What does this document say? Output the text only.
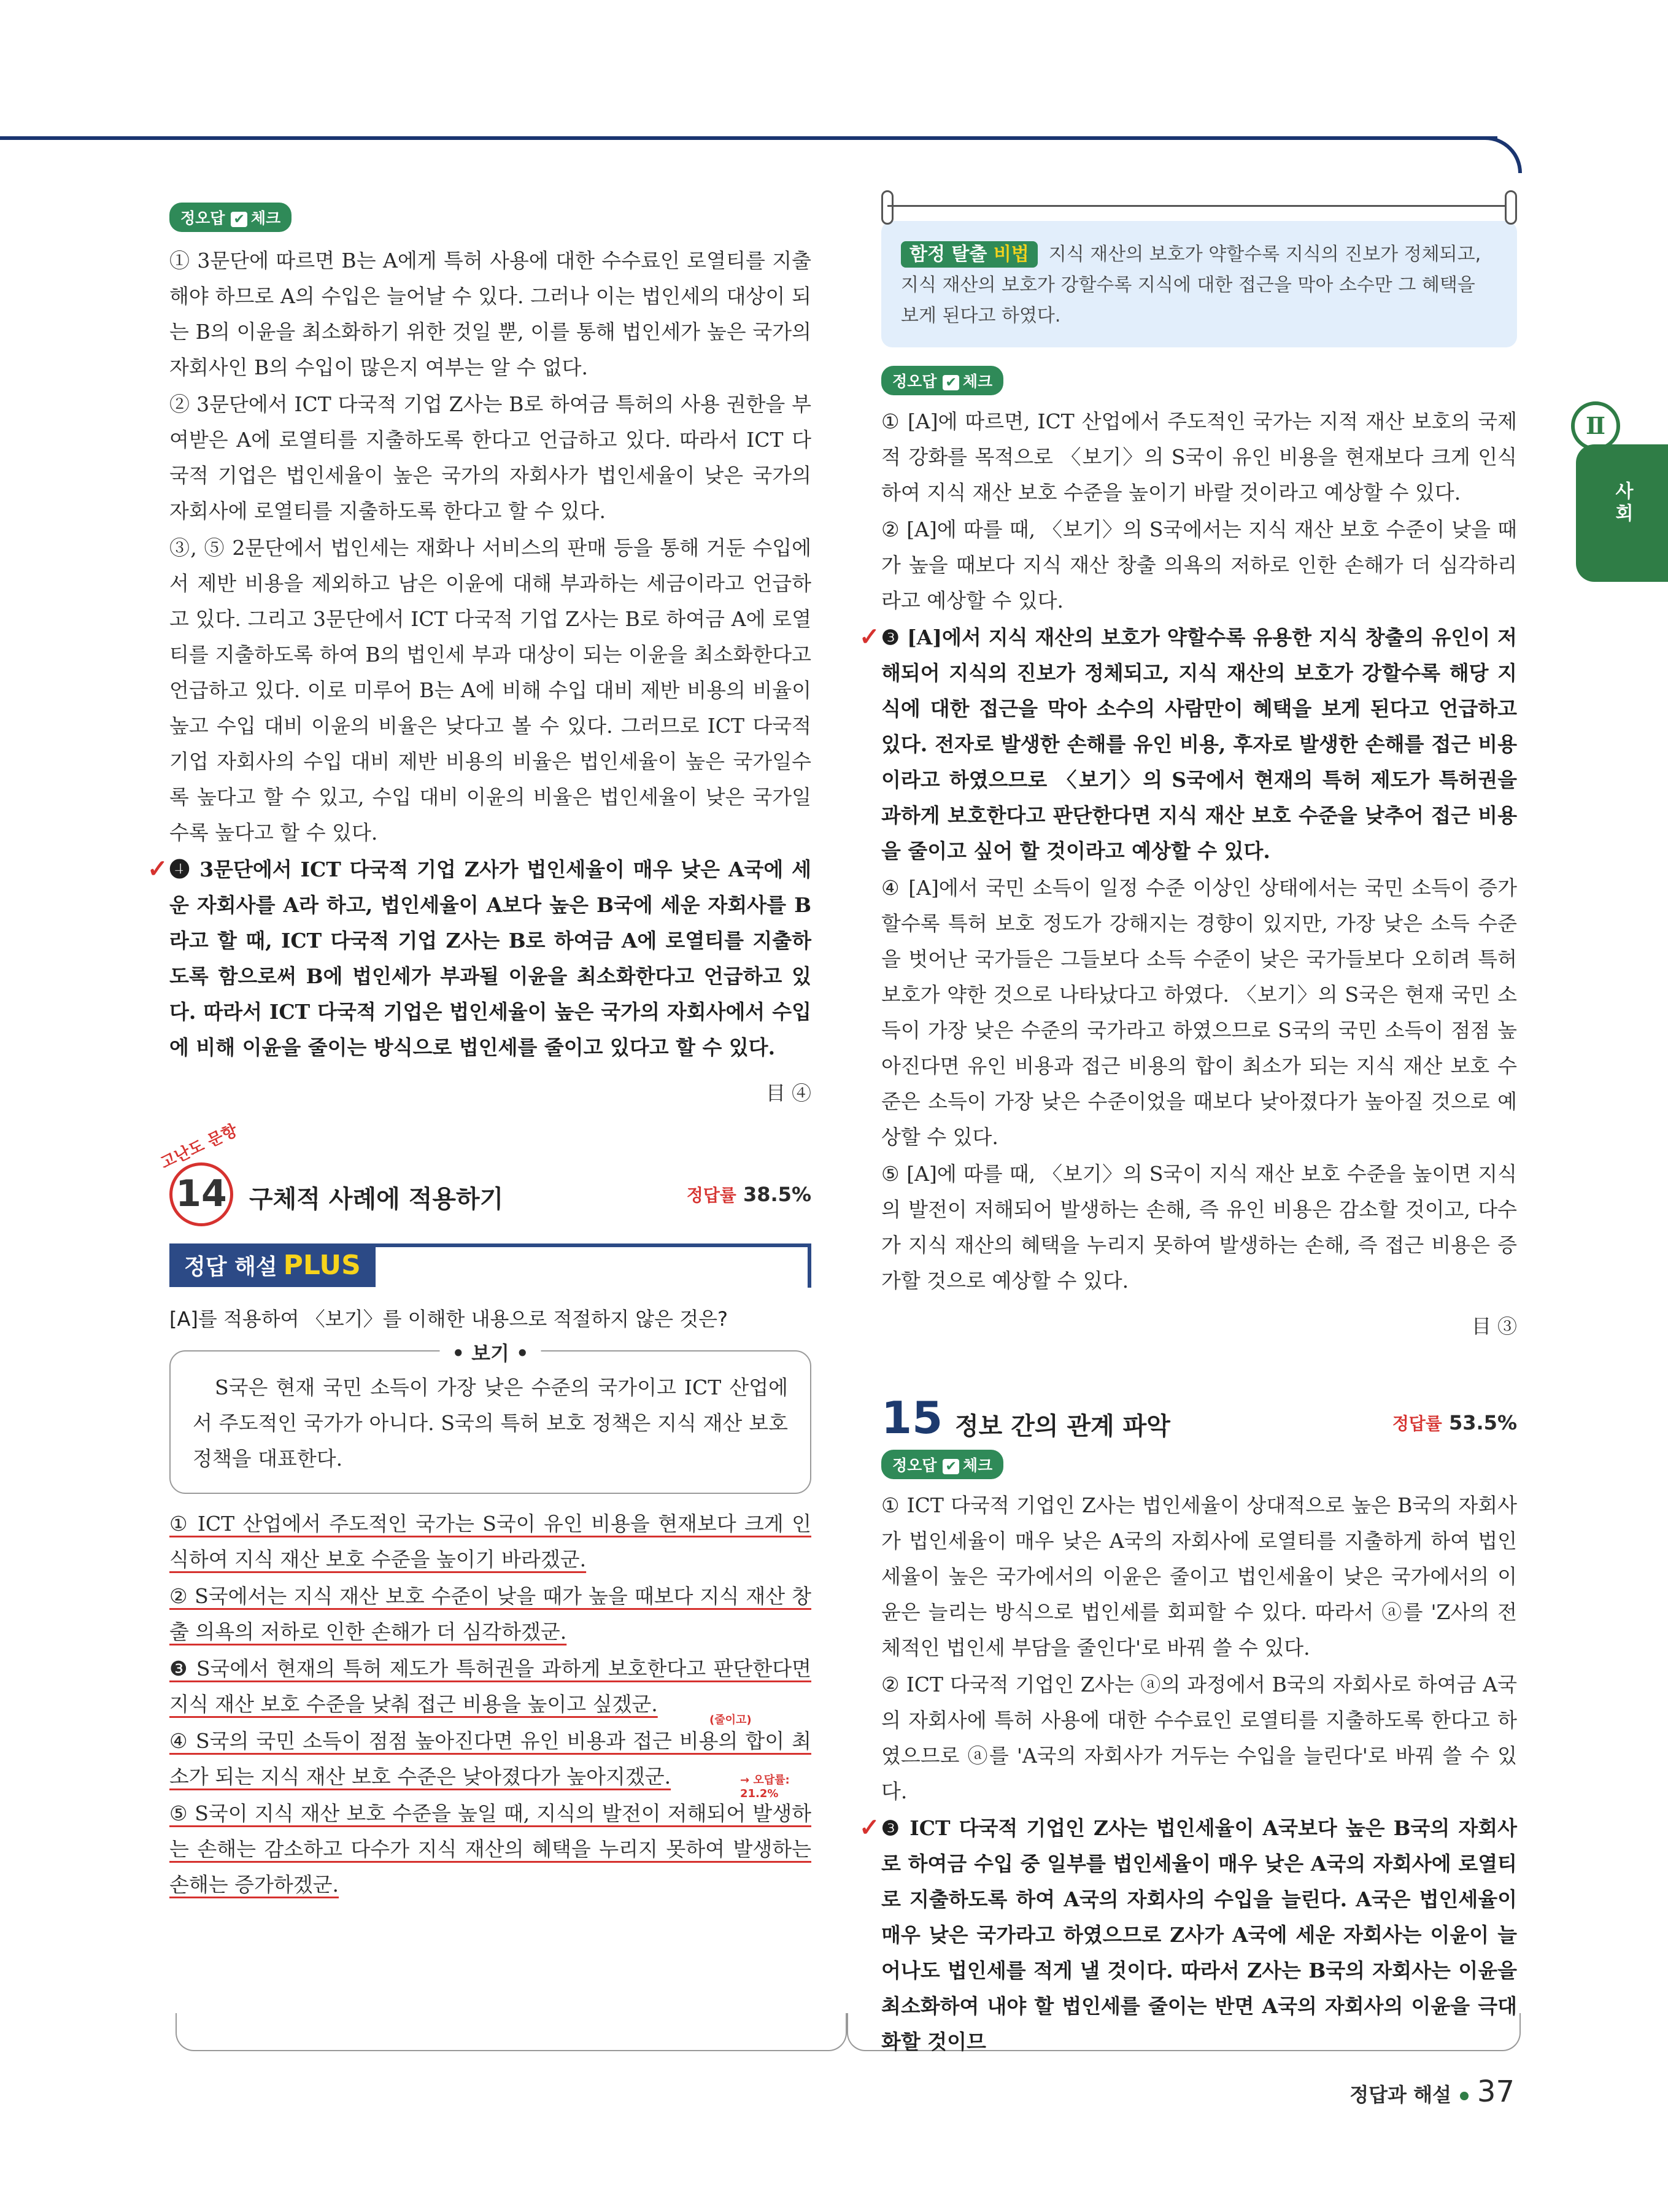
Ⅱ
사회
정오답 ✔ 체크

① 3문단에 따르면 B는 A에게 특허 사용에 대한 수수료인 로열티를 지출해야 하므로 A의 수입은 늘어날 수 있다. 그러나 이는 법인세의 대상이 되는 B의 이윤을 최소화하기 위한 것일 뿐, 이를 통해 법인세가 높은 국가의 자회사인 B의 수입이 많은지 여부는 알 수 없다.

② 3문단에서 ICT 다국적 기업 Z사는 B로 하여금 특허의 사용 권한을 부여받은 A에 로열티를 지출하도록 한다고 언급하고 있다. 따라서 ICT 다국적 기업은 법인세율이 높은 국가의 자회사가 법인세율이 낮은 국가의 자회사에 로열티를 지출하도록 한다고 할 수 있다.

③, ⑤ 2문단에서 법인세는 재화나 서비스의 판매 등을 통해 거둔 수입에서 제반 비용을 제외하고 남은 이윤에 대해 부과하는 세금이라고 언급하고 있다. 그리고 3문단에서 ICT 다국적 기업 Z사는 B로 하여금 A에 로열티를 지출하도록 하여 B의 법인세 부과 대상이 되는 이윤을 최소화한다고 언급하고 있다. 이로 미루어 B는 A에 비해 수입 대비 제반 비용의 비율이 높고 수입 대비 이윤의 비율은 낮다고 볼 수 있다. 그러므로 ICT 다국적 기업 자회사의 수입 대비 제반 비용의 비율은 법인세율이 높은 국가일수록 높다고 할 수 있고, 수입 대비 이윤의 비율은 법인세율이 낮은 국가일수록 높다고 할 수 있다.

✓ ❹ 3문단에서 ICT 다국적 기업 Z사가 법인세율이 매우 낮은 A국에 세운 자회사를 A라 하고, 법인세율이 A보다 높은 B국에 세운 자회사를 B라고 할 때, ICT 다국적 기업 Z사는 B로 하여금 A에 로열티를 지출하도록 함으로써 B에 법인세가 부과될 이윤을 최소화한다고 언급하고 있다. 따라서 ICT 다국적 기업은 법인세율이 높은 국가의 자회사에서 수입에 비해 이윤을 줄이는 방식으로 법인세를 줄이고 있다고 할 수 있다.

目 ④
고난도 문항
14 구체적 사례에 적용하기	정답률 38.5%
정답 해설 PLUS
[A]를 적용하여 〈보기〉를 이해한 내용으로 적절하지 않은 것은?
• 보기 •

S국은 현재 국민 소득이 가장 낮은 수준의 국가이고 ICT 산업에서 주도적인 국가가 아니다. S국의 특허 보호 정책은 지식 재산 보호 정책을 대표한다.

① ICT 산업에서 주도적인 국가는 S국이 유인 비용을 현재보다 크게 인식하여 지식 재산 보호 수준을 높이기 바라겠군.

② S국에서는 지식 재산 보호 수준이 낮을 때가 높을 때보다 지식 재산 창출 의욕의 저하로 인한 손해가 더 심각하겠군.

❸ S국에서 현재의 특허 제도가 특허권을 과하게 보호한다고 판단한다면 지식 재산 보호 수준을 낮춰 접근 비용을 높이고 싶겠군.

(줄이고)

④ S국의 국민 소득이 점점 높아진다면 유인 비용과 접근 비용의 합이 최소가 되는 지식 재산 보호 수준은 낮아졌다가 높아지겠군.	→ 오답률: 21.2%

⑤ S국이 지식 재산 보호 수준을 높일 때, 지식의 발전이 저해되어 발생하는 손해는 감소하고 다수가 지식 재산의 혜택을 누리지 못하여 발생하는 손해는 증가하겠군.

함정 탈출 비법 지식 재산의 보호가 약할수록 지식의 진보가 정체되고, 지식 재산의 보호가 강할수록 지식에 대한 접근을 막아 소수만 그 혜택을 보게 된다고 하였다.
정오답 ✔ 체크

① [A]에 따르면, ICT 산업에서 주도적인 국가는 지적 재산 보호의 국제적 강화를 목적으로 〈보기〉의 S국이 유인 비용을 현재보다 크게 인식하여 지식 재산 보호 수준을 높이기 바랄 것이라고 예상할 수 있다.

② [A]에 따를 때, 〈보기〉의 S국에서는 지식 재산 보호 수준이 낮을 때가 높을 때보다 지식 재산 창출 의욕의 저하로 인한 손해가 더 심각하리라고 예상할 수 있다.

✓ ❸ [A]에서 지식 재산의 보호가 약할수록 유용한 지식 창출의 유인이 저해되어 지식의 진보가 정체되고, 지식 재산의 보호가 강할수록 해당 지식에 대한 접근을 막아 소수의 사람만이 혜택을 보게 된다고 언급하고 있다. 전자로 발생한 손해를 유인 비용, 후자로 발생한 손해를 접근 비용이라고 하였으므로 〈보기〉의 S국에서 현재의 특허 제도가 특허권을 과하게 보호한다고 판단한다면 지식 재산 보호 수준을 낮추어 접근 비용을 줄이고 싶어 할 것이라고 예상할 수 있다.

④ [A]에서 국민 소득이 일정 수준 이상인 상태에서는 국민 소득이 증가할수록 특허 보호 정도가 강해지는 경향이 있지만, 가장 낮은 소득 수준을 벗어난 국가들은 그들보다 소득 수준이 낮은 국가들보다 오히려 특허 보호가 약한 것으로 나타났다고 하였다. 〈보기〉의 S국은 현재 국민 소득이 가장 낮은 수준의 국가라고 하였으므로 S국의 국민 소득이 점점 높아진다면 유인 비용과 접근 비용의 합이 최소가 되는 지식 재산 보호 수준은 소득이 가장 낮은 수준이었을 때보다 낮아졌다가 높아질 것으로 예상할 수 있다.

⑤ [A]에 따를 때, 〈보기〉의 S국이 지식 재산 보호 수준을 높이면 지식의 발전이 저해되어 발생하는 손해, 즉 유인 비용은 감소할 것이고, 다수가 지식 재산의 혜택을 누리지 못하여 발생하는 손해, 즉 접근 비용은 증가할 것으로 예상할 수 있다.

目 ③
15 정보 간의 관계 파악	정답률 53.5%
정오답 ✔ 체크

① ICT 다국적 기업인 Z사는 법인세율이 상대적으로 높은 B국의 자회사가 법인세율이 매우 낮은 A국의 자회사에 로열티를 지출하게 하여 법인세율이 높은 국가에서의 이윤은 줄이고 법인세율이 낮은 국가에서의 이윤은 늘리는 방식으로 법인세를 회피할 수 있다. 따라서 ⓐ를 'Z사의 전체적인 법인세 부담을 줄인다'로 바꿔 쓸 수 있다.

② ICT 다국적 기업인 Z사는 ⓐ의 과정에서 B국의 자회사로 하여금 A국의 자회사에 특허 사용에 대한 수수료인 로열티를 지출하도록 한다고 하였으므로 ⓐ를 'A국의 자회사가 거두는 수입을 늘린다'로 바꿔 쓸 수 있다.

✓ ❸ ICT 다국적 기업인 Z사는 법인세율이 A국보다 높은 B국의 자회사로 하여금 수입 중 일부를 법인세율이 매우 낮은 A국의 자회사에 로열티로 지출하도록 하여 A국의 자회사의 수입을 늘린다. A국은 법인세율이 매우 낮은 국가라고 하였으므로 Z사가 A국에 세운 자회사는 이윤이 늘어나도 법인세를 적게 낼 것이다. 따라서 Z사는 B국의 자회사는 이윤을 최소화하여 내야 할 법인세를 줄이는 반면 A국의 자회사의 이윤을 극대화할 것이므

정답과 해설 37
